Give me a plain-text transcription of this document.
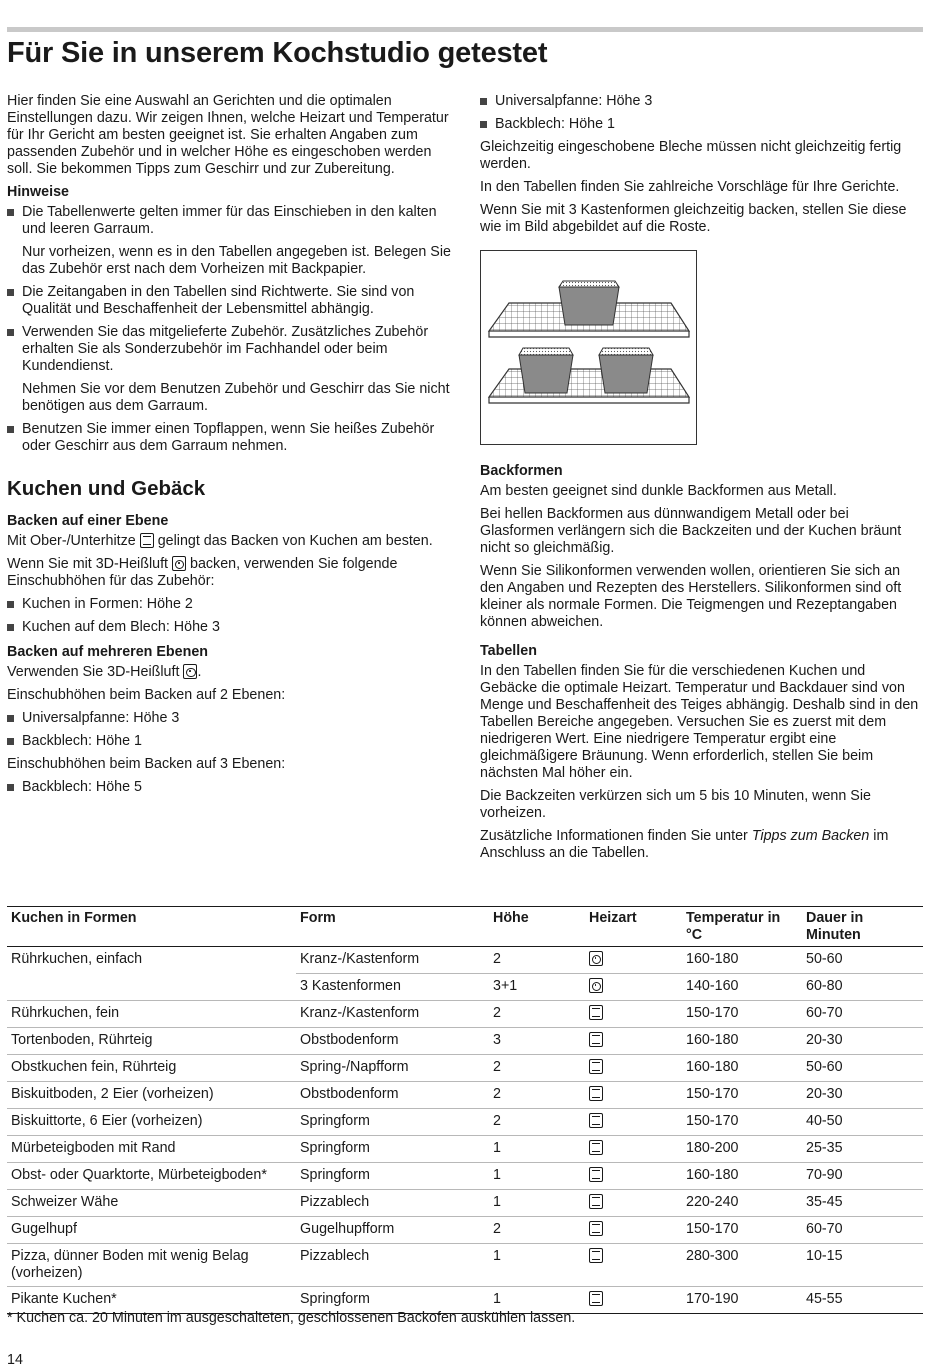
Für Sie in unserem Kochstudio getestet

Hier finden Sie eine Auswahl an Gerichten und die optimalen Einstellungen dazu. Wir zeigen Ihnen, welche Heizart und Temperatur für Ihr Gericht am besten geeignet ist. Sie erhalten Angaben zum passenden Zubehör und in welcher Höhe es eingeschoben werden soll. Sie bekommen Tipps zum Geschirr und zur Zubereitung.

Hinweise
Die Tabellenwerte gelten immer für das Einschieben in den kalten und leeren Garraum.

Nur vorheizen, wenn es in den Tabellen angegeben ist. Belegen Sie das Zubehör erst nach dem Vorheizen mit Backpapier.

Die Zeitangaben in den Tabellen sind Richtwerte. Sie sind von Qualität und Beschaffenheit der Lebensmittel abhängig.
Verwenden Sie das mitgelieferte Zubehör. Zusätzliches Zubehör erhalten Sie als Sonderzubehör im Fachhandel oder beim Kundendienst.

Nehmen Sie vor dem Benutzen Zubehör und Geschirr das Sie nicht benötigen aus dem Garraum.

Benutzen Sie immer einen Topflappen, wenn Sie heißes Zubehör oder Geschirr aus dem Garraum nehmen.
Kuchen und Gebäck
Backen auf einer Ebene

Mit Ober-/Unterhitze gelingt das Backen von Kuchen am besten.

Wenn Sie mit 3D-Heißluft backen, verwenden Sie folgende Einschubhöhen für das Zubehör:

Kuchen in Formen: Höhe 2
Kuchen auf dem Blech: Höhe 3
Backen auf mehreren Ebenen

Verwenden Sie 3D-Heißluft .

Einschubhöhen beim Backen auf 2 Ebenen:

Universalpfanne: Höhe 3
Backblech: Höhe 1

Einschubhöhen beim Backen auf 3 Ebenen:

Backblech: Höhe 5
Universalpfanne: Höhe 3
Backblech: Höhe 1

Gleichzeitig eingeschobene Bleche müssen nicht gleichzeitig fertig werden.

In den Tabellen finden Sie zahlreiche Vorschläge für Ihre Gerichte.

Wenn Sie mit 3 Kastenformen gleichzeitig backen, stellen Sie diese wie im Bild abgebildet auf die Roste.

Backformen

Am besten geeignet sind dunkle Backformen aus Metall.

Bei hellen Backformen aus dünnwandigem Metall oder bei Glasformen verlängern sich die Backzeiten und der Kuchen bräunt nicht so gleichmäßig.

Wenn Sie Silikonformen verwenden wollen, orientieren Sie sich an den Angaben und Rezepten des Herstellers. Silikonformen sind oft kleiner als normale Formen. Die Teigmengen und Rezeptangaben können abweichen.

Tabellen

In den Tabellen finden Sie für die verschiedenen Kuchen und Gebäcke die optimale Heizart. Temperatur und Backdauer sind von Menge und Beschaffenheit des Teiges abhängig. Deshalb sind in den Tabellen Bereiche angegeben. Versuchen Sie es zuerst mit dem niedrigeren Wert. Eine niedrigere Temperatur ergibt eine gleichmäßigere Bräunung. Wenn erforderlich, stellen Sie beim nächsten Mal höher ein.

Die Backzeiten verkürzen sich um 5 bis 10 Minuten, wenn Sie vorheizen.

Zusätzliche Informationen finden Sie unter Tipps zum Backen im Anschluss an die Tabellen.

Kuchen in Formen	Form	Höhe	Heizart	Temperatur in °C	Dauer in Minuten
Rührkuchen, einfach	Kranz-/Kastenform	2		160-180	50-60
	3 Kastenformen	3+1		140-160	60-80
Rührkuchen, fein	Kranz-/Kastenform	2		150-170	60-70
Tortenboden, Rührteig	Obstbodenform	3		160-180	20-30
Obstkuchen fein, Rührteig	Spring-/Napfform	2		160-180	50-60
Biskuitboden, 2 Eier (vorheizen)	Obstbodenform	2		150-170	20-30
Biskuittorte, 6 Eier (vorheizen)	Springform	2		150-170	40-50
Mürbeteigboden mit Rand	Springform	1		180-200	25-35
Obst- oder Quarktorte, Mürbeteigboden*	Springform	1		160-180	70-90
Schweizer Wähe	Pizzablech	1		220-240	35-45
Gugelhupf	Gugelhupfform	2		150-170	60-70
Pizza, dünner Boden mit wenig Belag (vorheizen)	Pizzablech	1		280-300	10-15
Pikante Kuchen*	Springform	1		170-190	45-55
* Kuchen ca. 20 Minuten im ausgeschalteten, geschlossenen Backofen auskühlen lassen.
14
